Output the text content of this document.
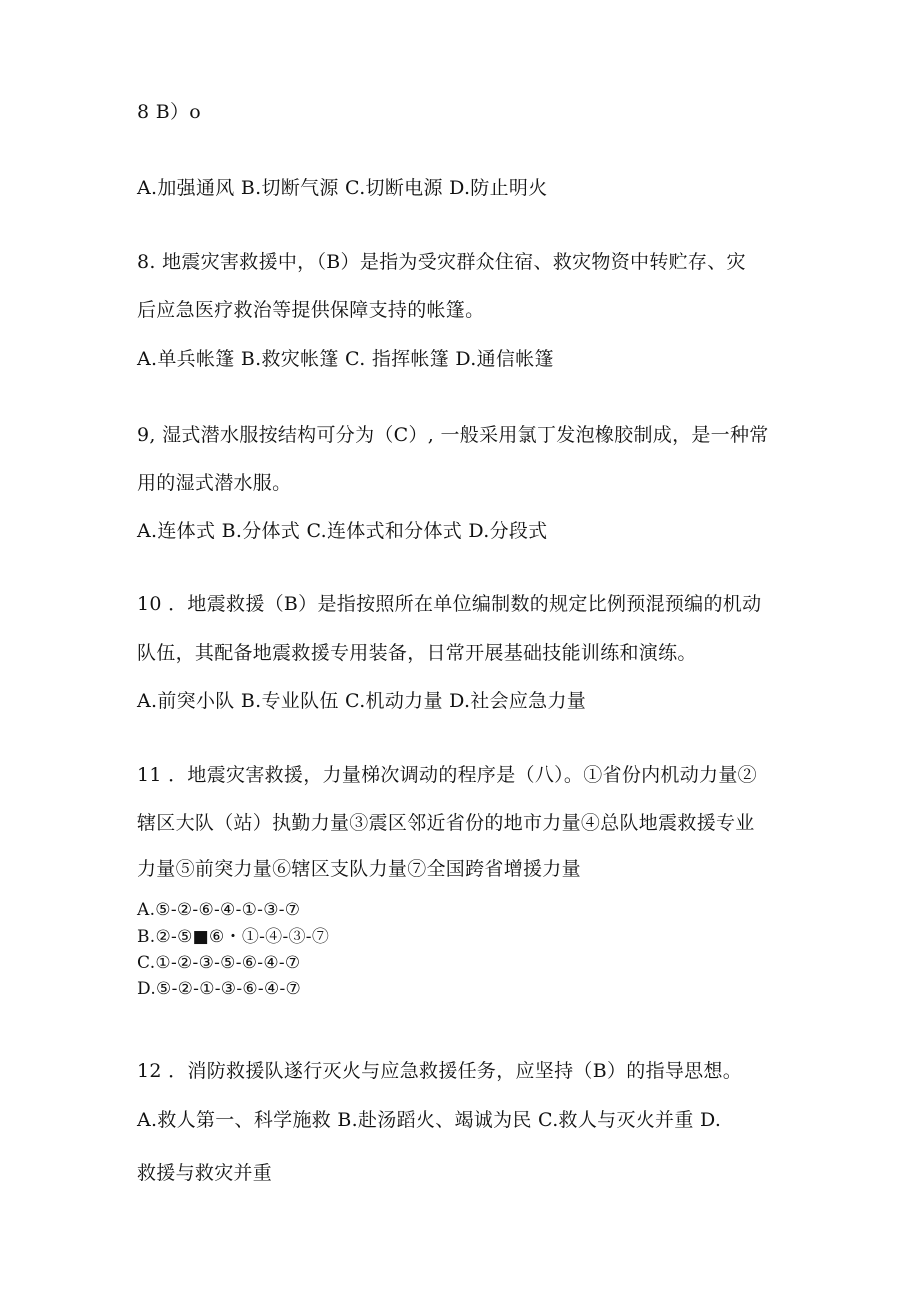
8 B）o
A.加强通风 B.切断气源 C.切断电源 D.防止明火
8. 地震灾害救援中，（B）是指为受灾群众住宿、救灾物资中转贮存、灾
后应急医疗救治等提供保障支持的帐篷。
A.单兵帐篷 B.救灾帐篷 C. 指挥帐篷 D.通信帐篷
9, 湿式潜水服按结构可分为（C）, 一般采用氯丁发泡橡胶制成，是一种常
用的湿式潜水服。
A.连体式 B.分体式 C.连体式和分体式 D.分段式
10 ．地震救援（B）是指按照所在单位编制数的规定比例预混预编的机动
队伍，其配备地震救援专用装备，日常开展基础技能训练和演练。
A.前突小队 B.专业队伍 C.机动力量 D.社会应急力量
11 ．地震灾害救援，力量梯次调动的程序是（八）。①省份内机动力量②
辖区大队（站）执勤力量③震区邻近省份的地市力量④总队地震救援专业
力量⑤前突力量⑥辖区支队力量⑦全国跨省增援力量
A.⑤-②-⑥-④-①-③-⑦
B.②-⑤■⑥・①-④-③-⑦
C.①-②-③-⑤-⑥-④-⑦
D.⑤-②-①-③-⑥-④-⑦
12 ．消防救援队遂行灭火与应急救援任务，应坚持（B）的指导思想。
A.救人第一、科学施救 B.赴汤蹈火、竭诚为民 C.救人与灭火并重 D.
救援与救灾并重
